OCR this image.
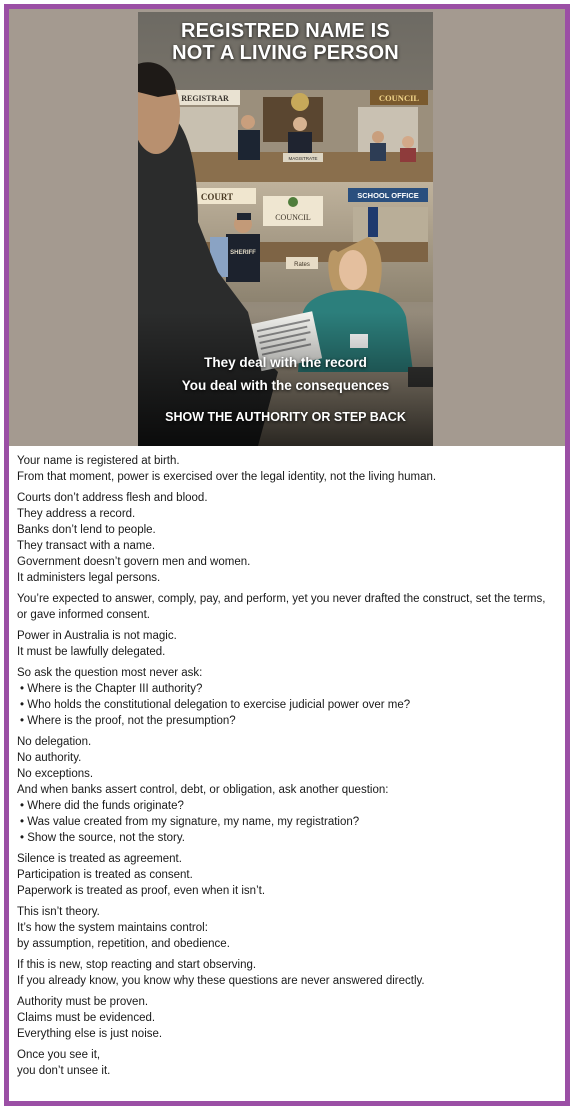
REGISTRAR	COUNCIL
MAGISTRATE
COURT
COUNCIL
SCHOOL OFFICE
Rates
SHERIFF
REGISTRED NAME IS
NOT A LIVING PERSON
They deal with the record
You deal with the consequences
SHOW THE AUTHORITY OR STEP BACK
Your name is registered at birth.
From that moment, power is exercised over the legal identity, not the living human.
Courts don’t address flesh and blood.
They address a record.
Banks don’t lend to people.
They transact with a name.
Government doesn’t govern men and women.
It administers legal persons.
You’re expected to answer, comply, pay, and perform, yet you never drafted the construct, set the terms, or gave informed consent.
Power in Australia is not magic.
It must be lawfully delegated.
So ask the question most never ask:
• Where is the Chapter III authority?
• Who holds the constitutional delegation to exercise judicial power over me?
• Where is the proof, not the presumption?
No delegation.
No authority.
No exceptions.
And when banks assert control, debt, or obligation, ask another question:
• Where did the funds originate?
• Was value created from my signature, my name, my registration?
• Show the source, not the story.
Silence is treated as agreement.
Participation is treated as consent.
Paperwork is treated as proof, even when it isn’t.
This isn’t theory.
It’s how the system maintains control:
by assumption, repetition, and obedience.
If this is new, stop reacting and start observing.
If you already know, you know why these questions are never answered directly.
Authority must be proven.
Claims must be evidenced.
Everything else is just noise.
Once you see it,
you don’t unsee it.
